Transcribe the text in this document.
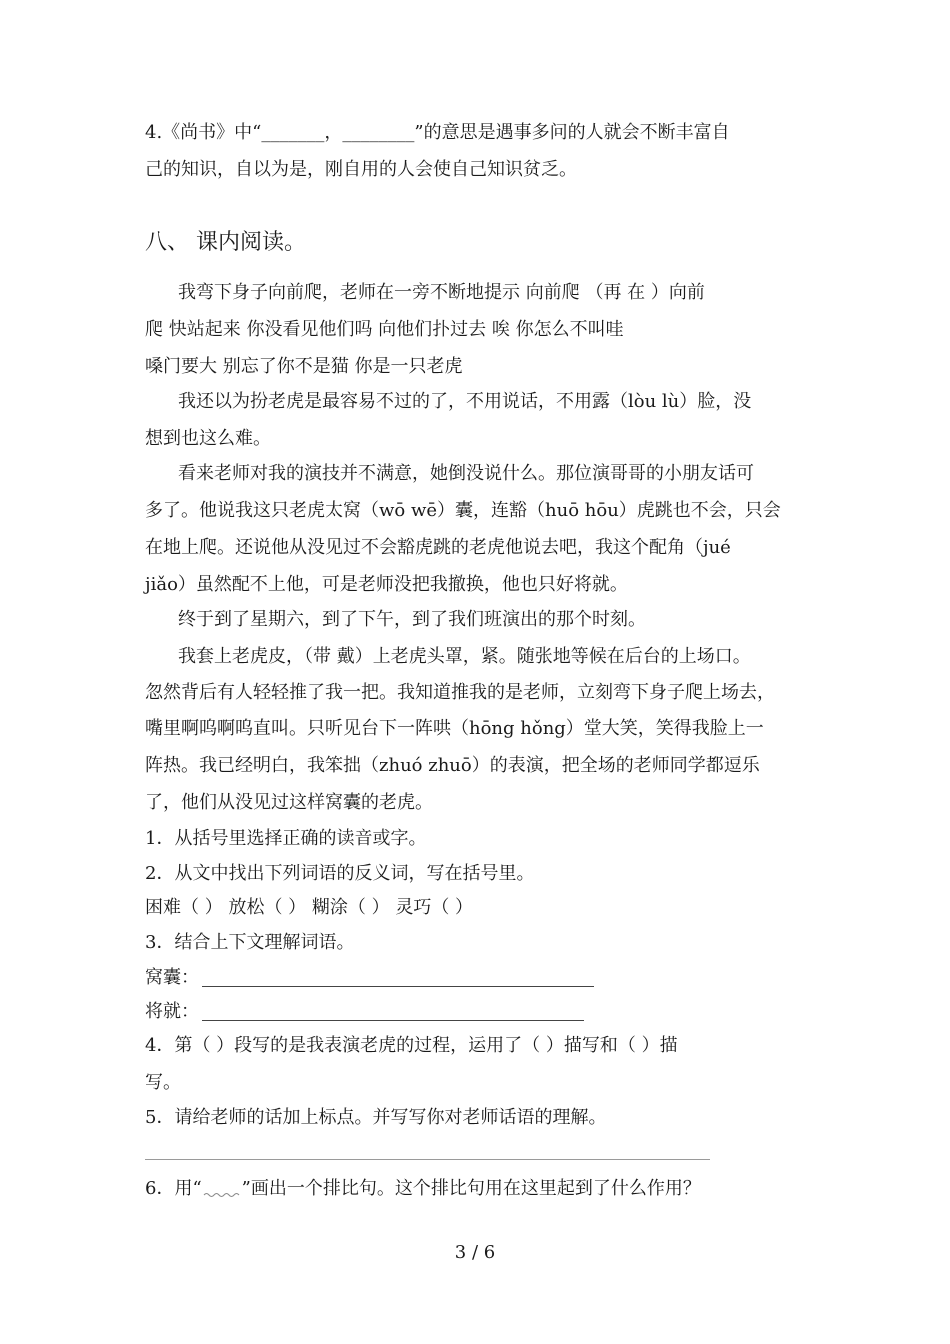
4.《尚书》中“_______，________”的意思是遇事多问的人就会不断丰富自
己的知识，自以为是，刚自用的人会使自己知识贫乏。
八、 课内阅读。
我弯下身子向前爬，老师在一旁不断地提示 向前爬 （再 在 ）向前
爬 快站起来 你没看见他们吗 向他们扑过去 唉 你怎么不叫哇
嗓门要大 别忘了你不是猫 你是一只老虎
我还以为扮老虎是最容易不过的了，不用说话，不用露（lòu lù）脸，没
想到也这么难。
看来老师对我的演技并不满意，她倒没说什么。那位演哥哥的小朋友话可
多了。他说我这只老虎太窝（wō wē）囊，连豁（huō hōu）虎跳也不会，只会
在地上爬。还说他从没见过不会豁虎跳的老虎他说去吧，我这个配角（jué
jiǎo）虽然配不上他，可是老师没把我撤换，他也只好将就。
终于到了星期六，到了下午，到了我们班演出的那个时刻。
我套上老虎皮，（带 戴）上老虎头罩，紧。随张地等候在后台的上场口。
忽然背后有人轻轻推了我一把。我知道推我的是老师，立刻弯下身子爬上场去，
嘴里啊呜啊呜直叫。只听见台下一阵哄（hōng hǒng）堂大笑，笑得我脸上一
阵热。我已经明白，我笨拙（zhuó zhuō）的表演，把全场的老师同学都逗乐
了，他们从没见过这样窝囊的老虎。
1．从括号里选择正确的读音或字。
2．从文中找出下列词语的反义词，写在括号里。
困难（ ） 放松（ ） 糊涂（ ） 灵巧（ ）
3．结合上下文理解词语。
窝囊：
将就：
4．第（ ）段写的是我表演老虎的过程，运用了（ ）描写和（ ）描
写。
5．请给老师的话加上标点。并写写你对老师话语的理解。
6．用“ ”画出一个排比句。这个排比句用在这里起到了什么作用？
3 / 6
